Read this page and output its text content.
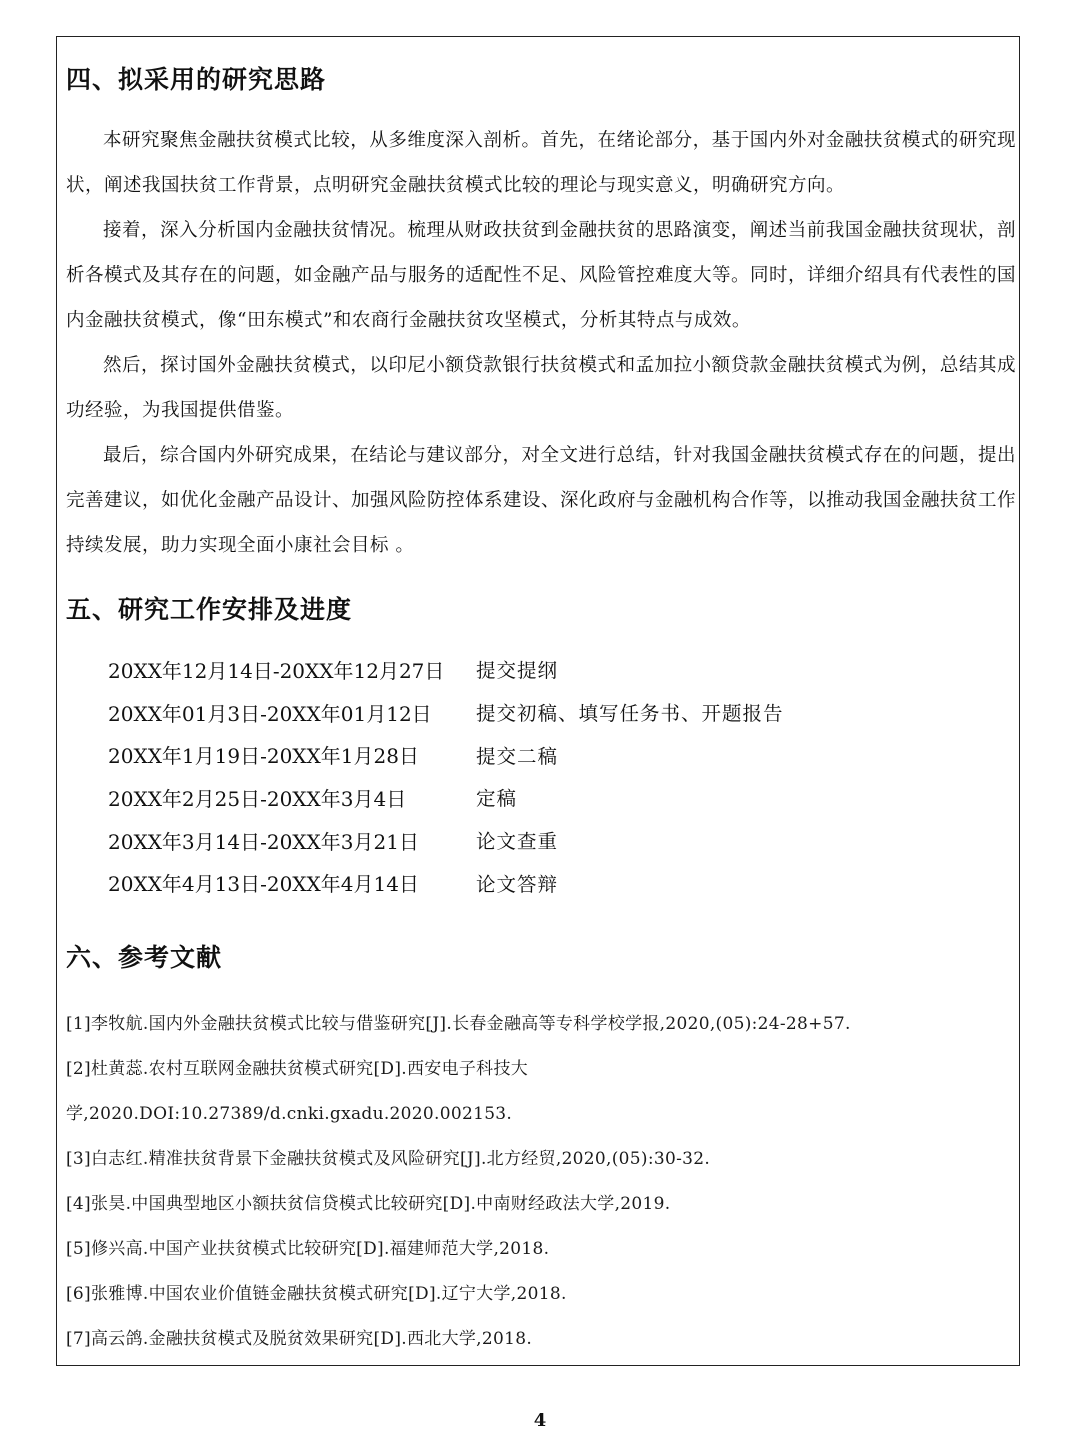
四、拟采用的研究思路

本研究聚焦金融扶贫模式比较，从多维度深入剖析。首先，在绪论部分，基于国内外对金融扶贫模式的研究现状，阐述我国扶贫工作背景，点明研究金融扶贫模式比较的理论与现实意义，明确研究方向。

接着，深入分析国内金融扶贫情况。梳理从财政扶贫到金融扶贫的思路演变，阐述当前我国金融扶贫现状，剖析各模式及其存在的问题，如金融产品与服务的适配性不足、风险管控难度大等。同时，详细介绍具有代表性的国内金融扶贫模式，像“田东模式”和农商行金融扶贫攻坚模式，分析其特点与成效。

然后，探讨国外金融扶贫模式，以印尼小额贷款银行扶贫模式和孟加拉小额贷款金融扶贫模式为例，总结其成功经验，为我国提供借鉴。

最后，综合国内外研究成果，在结论与建议部分，对全文进行总结，针对我国金融扶贫模式存在的问题，提出完善建议，如优化金融产品设计、加强风险防控体系建设、深化政府与金融机构合作等，以推动我国金融扶贫工作持续发展，助力实现全面小康社会目标 。

五、研究工作安排及进度
20XX年12月14日-20XX年12月27日	提交提纲
20XX年01月3日-20XX年01月12日	提交初稿、填写任务书、开题报告
20XX年1月19日-20XX年1月28日	提交二稿
20XX年2月25日-20XX年3月4日	定稿
20XX年3月14日-20XX年3月21日	论文查重
20XX年4月13日-20XX年4月14日	论文答辩
六、参考文献
[1]李牧航.国内外金融扶贫模式比较与借鉴研究[J].长春金融高等专科学校学报,2020,(05):24-28+57.
[2]杜黄蕊.农村互联网金融扶贫模式研究[D].西安电子科技大
学,2020.DOI:10.27389/d.cnki.gxadu.2020.002153.
[3]白志红.精准扶贫背景下金融扶贫模式及风险研究[J].北方经贸,2020,(05):30-32.
[4]张昊.中国典型地区小额扶贫信贷模式比较研究[D].中南财经政法大学,2019.
[5]修兴高.中国产业扶贫模式比较研究[D].福建师范大学,2018.
[6]张雅博.中国农业价值链金融扶贫模式研究[D].辽宁大学,2018.
[7]高云鸽.金融扶贫模式及脱贫效果研究[D].西北大学,2018.
4
